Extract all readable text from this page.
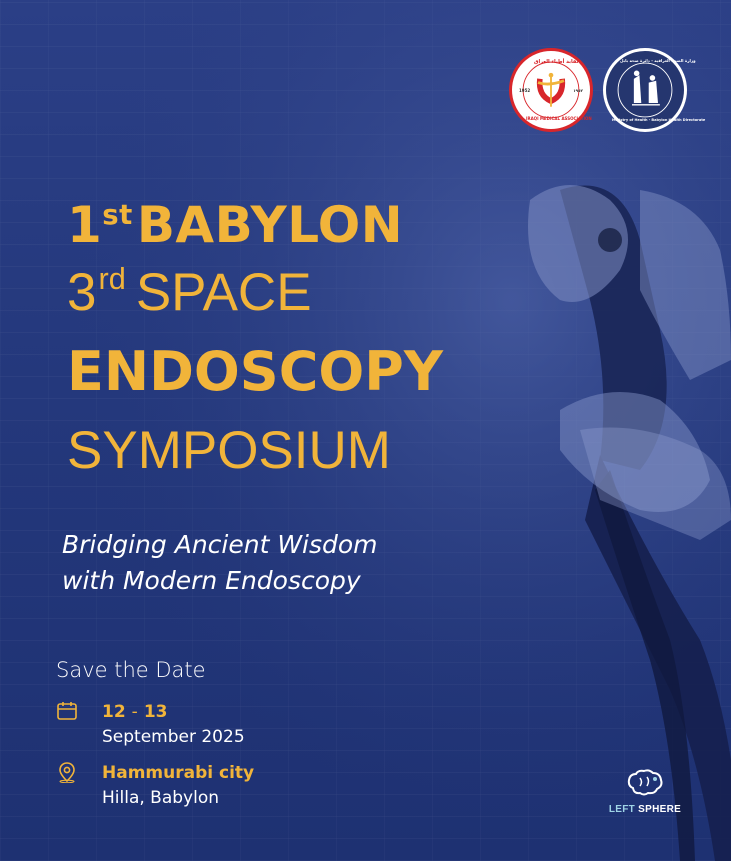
نقابة أطباء العراق
IRAQI MEDICAL ASSOCIATION
1952	١٩٥٢
وزارة الصحة العراقية - دائرة صحة بابل
Ministry of Health - Babylon Health Directorate
1stBABYLON
3rd SPACE
ENDOSCOPY
SYMPOSIUM
Bridging Ancient Wisdom
with Modern Endoscopy
Save the Date
12 - 13
September 2025
Hammurabi city
Hilla, Babylon
LEFT SPHERE
